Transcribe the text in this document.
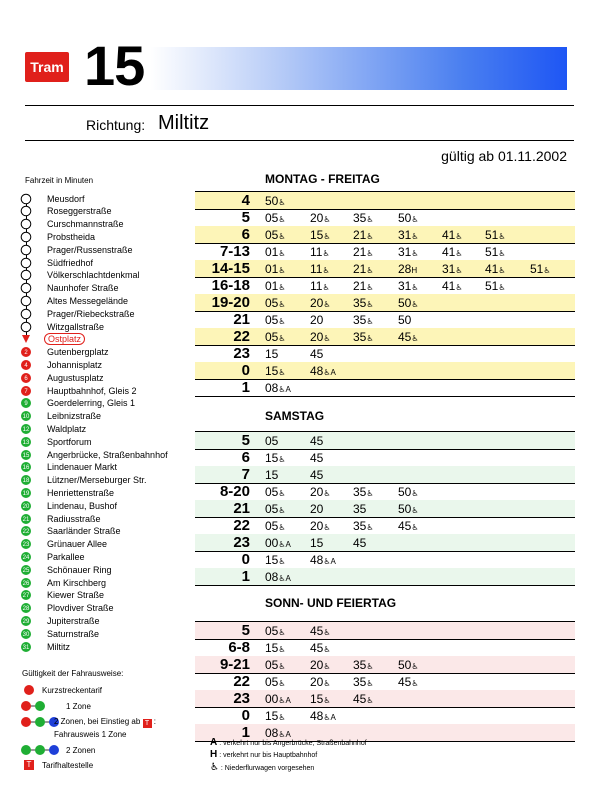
Tram 15
Richtung: Miltitz
gültig ab 01.11.2002
Fahrzeit in Minuten
Meusdorf
Roseggerstraße
Curschmannstraße
Probstheida
Prager/Russenstraße
Südfriedhof
Völkerschlachtdenkmal
Naunhofer Straße
Altes Messegelände
Prager/Riebeckstraße
Witzgallstraße
Ostplatz
2 Gutenbergplatz
4 Johannisplatz
6 Augustusplatz
7 Hauptbahnhof, Gleis 2
9 Goerdelerring, Gleis 1
10 Leibnizstraße
12 Waldplatz
13 Sportforum
15 Angerbrücke, Straßenbahnhof
16 Lindenauer Markt
18 Lützner/Merseburger Str.
19 Henriettenstraße
20 Lindenau, Bushof
21 Radiusstraße
22 Saarländer Straße
23 Grünauer Allee
24 Parkallee
25 Schönauer Ring
26 Am Kirschberg
27 Kiewer Straße
28 Plovdiver Straße
29 Jupiterstraße
30 Saturnstraße
31 Miltitz
MONTAG - FREITAG
4 50♿
5 05♿ 20♿ 35♿ 50♿
6 05♿ 15♿ 21♿ 31♿ 41♿ 51♿
7-13 01♿ 11♿ 21♿ 31♿ 41♿ 51♿
14-15 01♿ 11♿ 21♿ 28H 31♿ 41♿ 51♿
16-18 01♿ 11♿ 21♿ 31♿ 41♿ 51♿
19-20 05♿ 20♿ 35♿ 50♿
21 05♿ 20 35♿ 50
22 05♿ 20♿ 35♿ 45♿
23 15	45
0 15♿ 48♿A
1 08♿A
SAMSTAG
5 05	45
6 15♿ 45
7 15	45
8-20 05♿ 20♿ 35♿ 50♿
21 05♿ 20 35	50♿
22 05♿ 20♿ 35♿ 45♿
23 00♿A 15 45
0 15♿ 48♿A
1 08♿A
SONN- UND FEIERTAG
5 05♿ 45♿
6-8 15♿ 45♿
9-21 05♿ 20♿ 35♿ 50♿
22 05♿ 20♿ 35♿ 45♿
23 00♿A 15♿ 45♿
0 15♿ 48♿A
1 08♿A
Gültigkeit der Fahrausweise:
Kurzstreckentarif
1 Zone
2 Zonen, bei Einstieg ab T :
Fahrausweis 1 Zone
2 Zonen
T	Tarifhaltestelle
A : verkehrt nur bis Angerbrücke, Straßenbahnhof
H : verkehrt nur bis Hauptbahnhof
♿ : Niederflurwagen vorgesehen
